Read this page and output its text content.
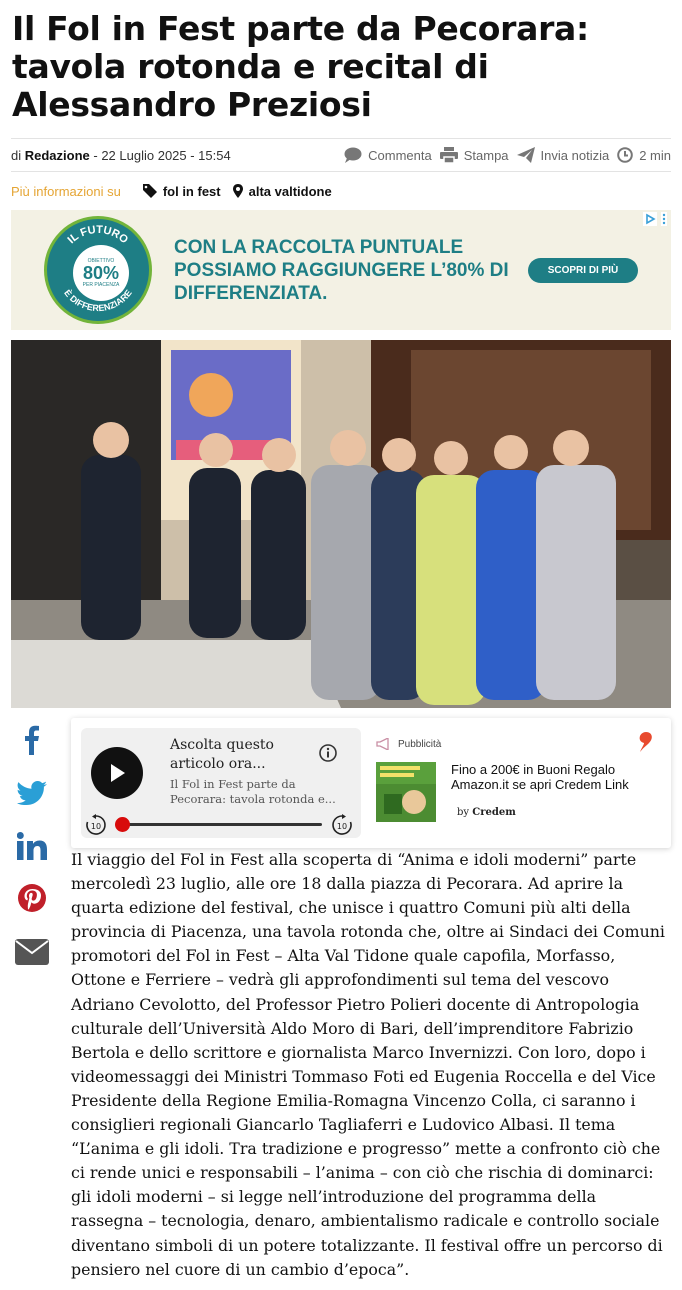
Il Fol in Fest parte da Pecorara: tavola rotonda e recital di Alessandro Preziosi
di Redazione - 22 Luglio 2025 - 15:54	Commenta Stampa Invia notizia 2 min
Più informazioni su	fol in fest alta valtidone
IL FUTURO
È DIFFERENZIARE
OBIETTIVO
80%
PER PIACENZA
CON LA RACCOLTA PUNTUALE POSSIAMO RAGGIUNGERE L’80% DI DIFFERENZIATA.
SCOPRI DI PIÙ
Ascolta questo articolo ora...
Il Fol in Fest parte da Pecorara: tavola rotonda e...
10	10
Pubblicità
Fino a 200€ in Buoni Regalo Amazon.it se apri Credem Link
by Credem
Il viaggio del Fol in Fest alla scoperta di “Anima e idoli moderni” parte mercoledì 23 luglio, alle ore 18 dalla piazza di Pecorara. Ad aprire la quarta edizione del festival, che unisce i quattro Comuni più alti della provincia di Piacenza, una tavola rotonda che, oltre ai Sindaci dei Comuni promotori del Fol in Fest – Alta Val Tidone quale capofila, Morfasso, Ottone e Ferriere – vedrà gli approfondimenti sul tema del vescovo Adriano Cevolotto, del Professor Pietro Polieri docente di Antropologia culturale dell’Università Aldo Moro di Bari, dell’imprenditore Fabrizio Bertola e dello scrittore e giornalista Marco Invernizzi. Con loro, dopo i videomessaggi dei Ministri Tommaso Foti ed Eugenia Roccella e del Vice Presidente della Regione Emilia-Romagna Vincenzo Colla, ci saranno i consiglieri regionali Giancarlo Tagliaferri e Ludovico Albasi. Il tema “L’anima e gli idoli. Tra tradizione e progresso” mette a confronto ciò che ci rende unici e responsabili – l’anima – con ciò che rischia di dominarci: gli idoli moderni – si legge nell’introduzione del programma della rassegna – tecnologia, denaro, ambientalismo radicale e controllo sociale diventano simboli di un potere totalizzante. Il festival offre un percorso di pensiero nel cuore di un cambio d’epoca”.
